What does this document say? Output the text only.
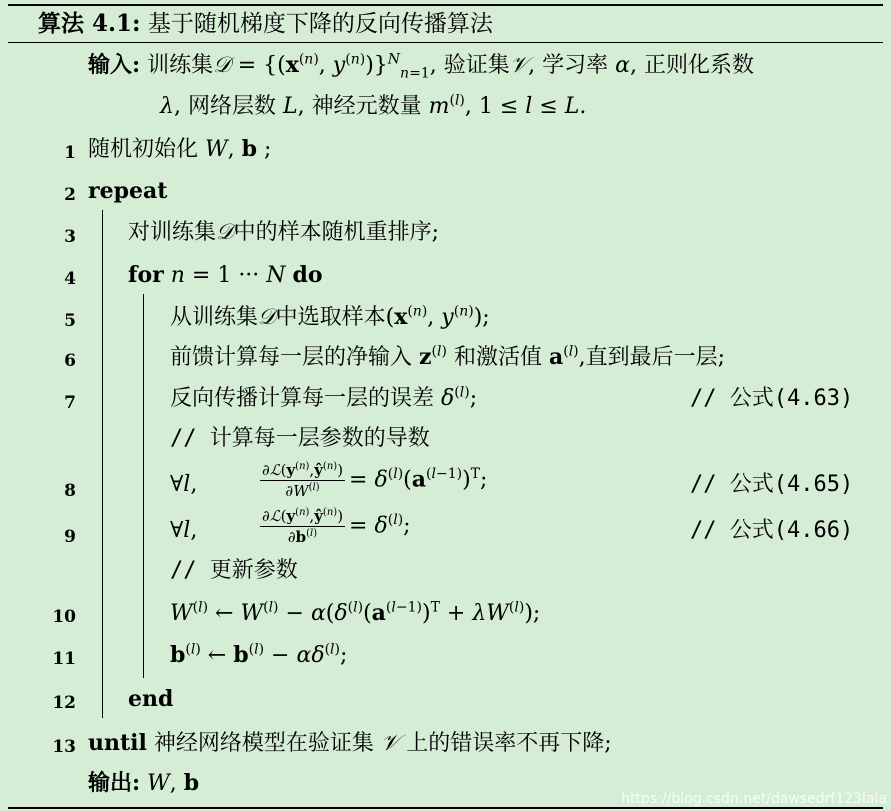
算法 4.1: 基于随机梯度下降的反向传播算法
输入: 训练集𝒟 = {($x^{(n)}$, $y^{(n)})\}^N_{n=1}$, 验证集𝒱, 学习率 α, 正则化系数
λ, 网络层数 L, 神经元数量 $m^{(l)}$, 1 ≤ l ≤ L.
1 随机初始化 W, b ;
2 repeat
3 对训练集𝒟中的样本随机重排序;
4 for n = 1 ··· N do
5	从训练集𝒟中选取样本($x^{(n)}$, $y^{(n)}$);
6	前馈计算每一层的净输入 $z^{(l)}$ 和激活值 $a^{(l)}$,直到最后一层;
7	反向传播计算每一层的误差 $\delta^{(l)}$;	// 公式(4.63)
// 计算每一层参数的导数
8	∀l,	$\frac{\partial ℒ(y^{(n)},ŷ^{(n)})}{\partial W^{(l)}} = \delta^{(l)}(a^{(l-1)})^T$;	// 公式(4.65)
9	∀l,	$\frac{\partial ℒ(y^{(n)},ŷ^{(n)})}{\partial b^{(l)}} = \delta^{(l)}$;	// 公式(4.66)
// 更新参数
10	$W^{(l)}$ ← $W^{(l)} - \alpha(\delta^{(l)}(a^{(l-1)})^T + \lambda W^{(l)})$;
11	$b^{(l)}$ ← $b^{(l)} - \alpha\delta^{(l)}$;
12 end
13 until 神经网络模型在验证集 𝒱 上的错误率不再下降;
输出: W, b
https://blog.csdn.net/dawsedrf123lala
